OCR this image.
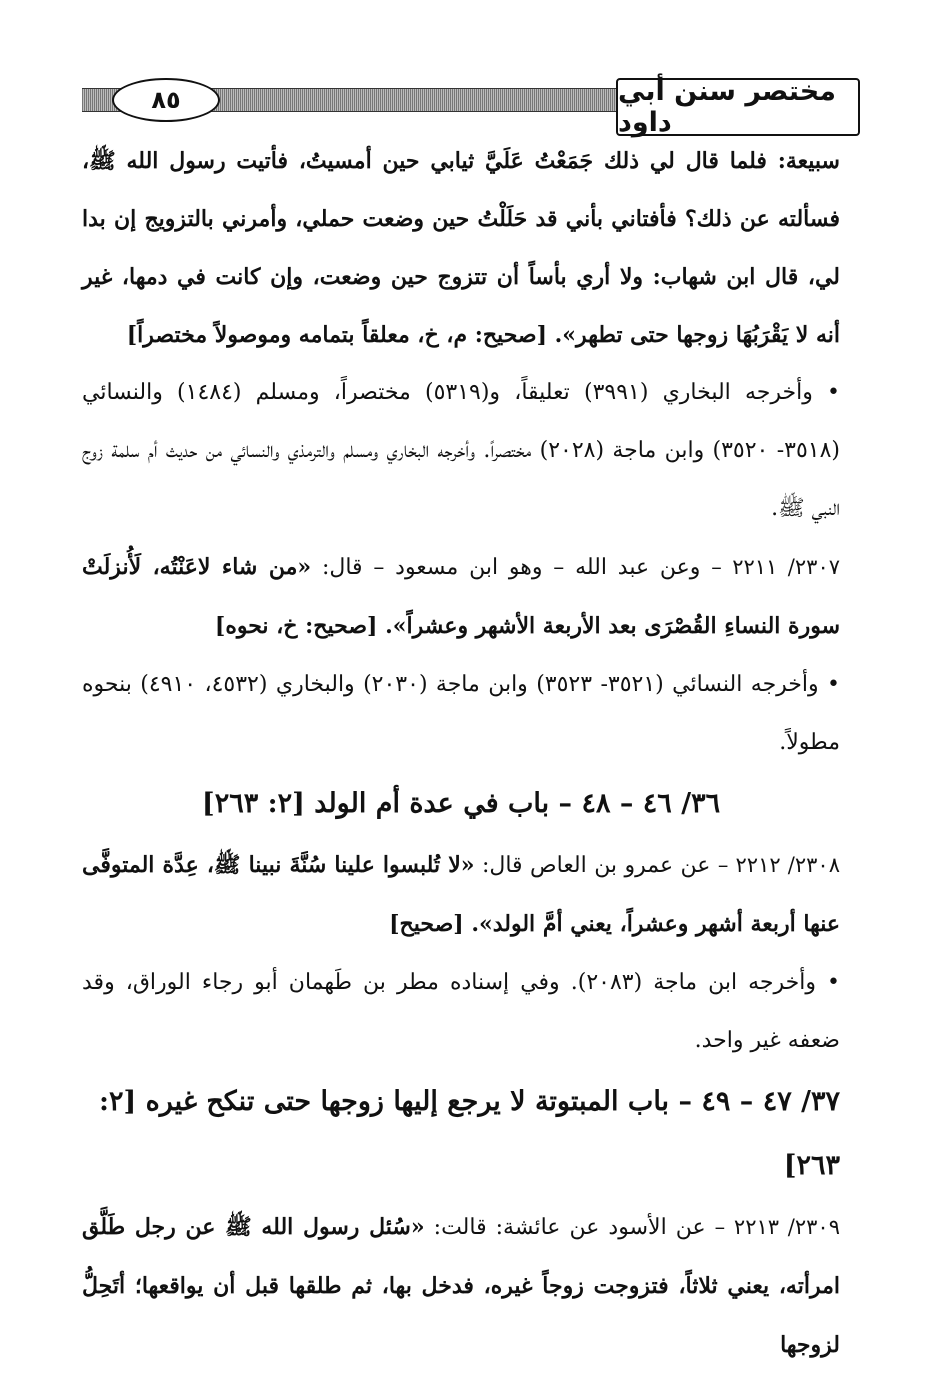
٨٥	مختصر سنن أبي داود

سبيعة: فلما قال لي ذلك جَمَعْتُ عَلَيَّ ثيابي حين أمسيتُ، فأتيت رسول الله ﷺ، فسألته عن ذلك؟ فأفتاني بأني قد حَلَلْتُ حين وضعت حملي، وأمرني بالتزويج إن بدا لي، قال ابن شهاب: ولا أري بأساً أن تتزوج حين وضعت، وإن كانت في دمها، غير أنه لا يَقْرَبُهَا زوجها حتى تطهر». [صحيح: م، خ، معلقاً بتمامه وموصولاً مختصراً]

• وأخرجه البخاري (٣٩٩١) تعليقاً، و(٥٣١٩) مختصراً، ومسلم (١٤٨٤) والنسائي (٣٥١٨- ٣٥٢٠) وابن ماجة (٢٠٢٨) مختصراً. وأخرجه البخاري ومسلم والترمذي والنسائي من حديث أم سلمة زوج النبي ﷺ.

٢٣٠٧/ ٢٢١١ – وعن عبد الله – وهو ابن مسعود – قال: «من شاء لاعَنْتُه، لَأُنزلَتْ سورة النساءِ القُصْرَى بعد الأربعة الأشهر وعشراً». [صحيح: خ، نحوه]

• وأخرجه النسائي (٣٥٢١- ٣٥٢٣) وابن ماجة (٢٠٣٠) والبخاري (٤٥٣٢، ٤٩١٠) بنحوه مطولاً.

٣٦/ ٤٦ – ٤٨ – باب في عدة أم الولد [٢: ٢٦٣]

٢٣٠٨/ ٢٢١٢ – عن عمرو بن العاص قال: «لا تُلبسوا علينا سُنَّةَ نبينا ﷺ، عِدَّة المتوفَّى عنها أربعة أشهر وعشراً، يعني أمَّ الولد». [صحيح]

• وأخرجه ابن ماجة (٢٠٨٣). وفي إسناده مطر بن طَهمان أبو رجاء الوراق، وقد ضعفه غير واحد.

٣٧/ ٤٧ – ٤٩ – باب المبتوتة لا يرجع إليها زوجها حتى تنكح غيره [٢: ٢٦٣]

٢٣٠٩/ ٢٢١٣ – عن الأسود عن عائشة: قالت: «سُئل رسول الله ﷺ عن رجل طَلَّق امرأته، يعني ثلاثاً، فتزوجت زوجاً غيره، فدخل بها، ثم طلقها قبل أن يواقعها؛ أتَحِلُّ لزوجها
